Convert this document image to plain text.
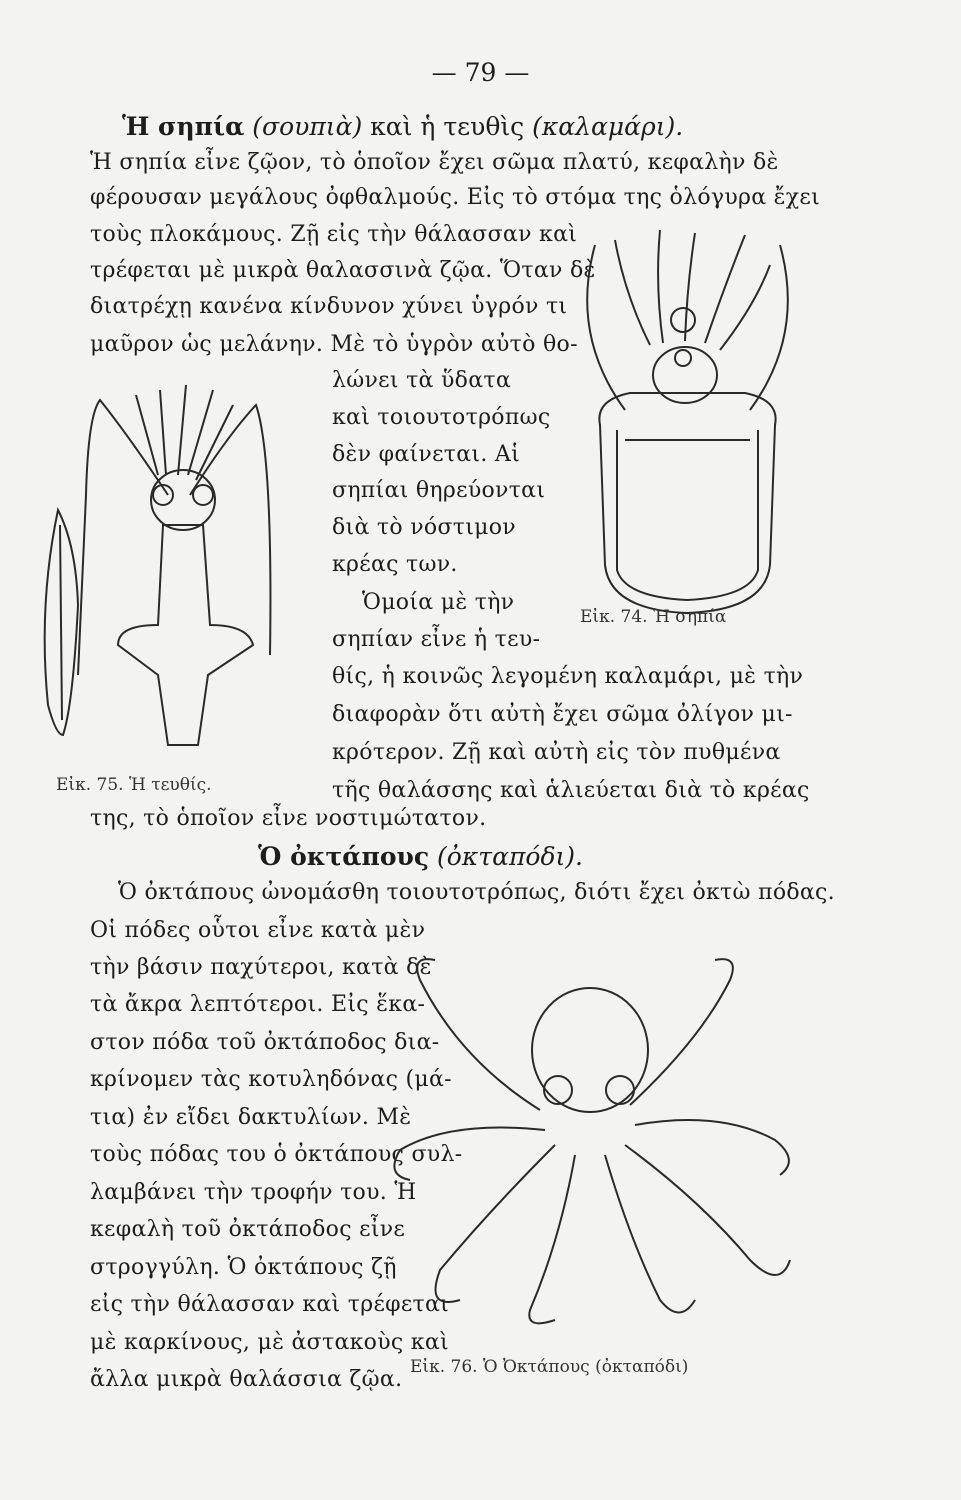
— 79 —
Ἡ σηπία (σουπιὰ) καὶ ἡ τευθὶς (καλαμάρι).
Ἡ σηπία εἶνε ζῷον, τὸ ὁποῖον ἔχει σῶμα πλατύ, κεφαλὴν δὲ
φέρουσαν μεγάλους ὀφθαλμούς. Εἰς τὸ στόμα της ὁλόγυρα ἔχει
τοὺς πλοκάμους. Ζῇ εἰς τὴν θάλασσαν καὶ
τρέφεται μὲ μικρὰ θαλασσινὰ ζῷα. Ὅταν δὲ
διατρέχῃ κανένα κίνδυνον χύνει ὑγρόν τι
μαῦρον ὡς μελάνην. Μὲ τὸ ὑγρὸν αὐτὸ θο-
λώνει τὰ ὕδατα
καὶ τοιουτοτρόπως
δὲν φαίνεται. Αἱ
σηπίαι θηρεύονται
διὰ τὸ νόστιμον
κρέας των.
Ὁμοία μὲ τὴν
σηπίαν εἶνε ἡ τευ-
θίς, ἡ κοινῶς λεγομένη καλαμάρι, μὲ τὴν
διαφορὰν ὅτι αὐτὴ ἔχει σῶμα ὀλίγον μι-
κρότερον. Ζῇ καὶ αὐτὴ εἰς τὸν πυθμένα
τῆς θαλάσσης καὶ ἁλιεύεται διὰ τὸ κρέας
της, τὸ ὁποῖον εἶνε νοστιμώτατον.
Εἰκ. 74. Ἡ σηπία
Εἰκ. 75. Ἡ τευθίς.
Ὁ ὀκτάπους (ὀκταπόδι).
Ὁ ὀκτάπους ὠνομάσθη τοιουτοτρόπως, διότι ἔχει ὀκτὼ πόδας.
Οἱ πόδες οὗτοι εἶνε κατὰ μὲν
τὴν βάσιν παχύτεροι, κατὰ δὲ
τὰ ἄκρα λεπτότεροι. Εἰς ἕκα-
στον πόδα τοῦ ὀκτάποδος δια-
κρίνομεν τὰς κοτυληδόνας (μά-
τια) ἐν εἴδει δακτυλίων. Μὲ
τοὺς πόδας του ὁ ὀκτάπους συλ-
λαμβάνει τὴν τροφήν του. Ἡ
κεφαλὴ τοῦ ὀκτάποδος εἶνε
στρογγύλη. Ὁ ὀκτάπους ζῇ
εἰς τὴν θάλασσαν καὶ τρέφεται
μὲ καρκίνους, μὲ ἀστακοὺς καὶ
ἄλλα μικρὰ θαλάσσια ζῷα. Εἰκ. 76. Ὁ Ὀκτάπους (ὀκταπόδι)
